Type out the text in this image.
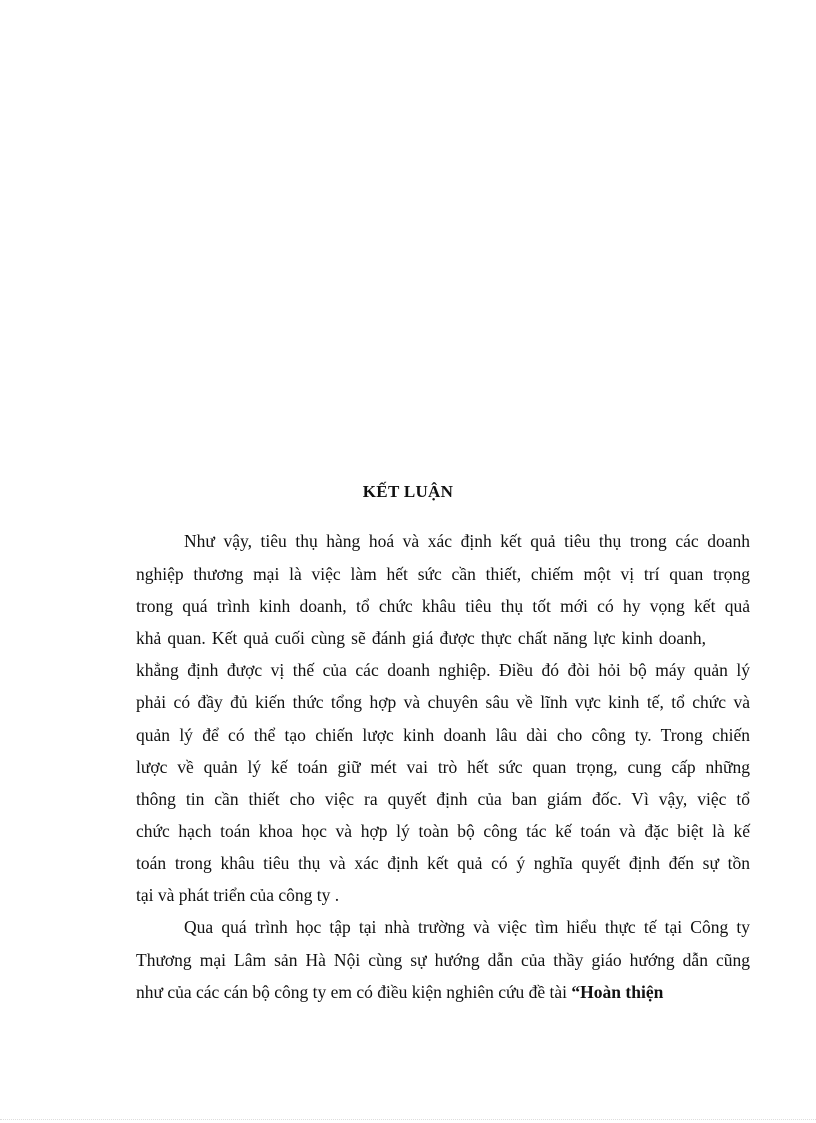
KẾT LUẬN
Như vậy, tiêu thụ hàng hoá và xác định kết quả tiêu thụ trong các doanh
nghiệp thương mại là việc làm hết sức cần thiết, chiếm một vị trí quan trọng
trong quá trình kinh doanh, tổ chức khâu tiêu thụ tốt mới có hy vọng kết quả
khả quan. Kết quả cuối cùng sẽ đánh giá được thực chất năng lực kinh doanh,
khẳng định được vị thế của các doanh nghiệp. Điều đó đòi hỏi bộ máy quản lý
phải có đầy đủ kiến thức tổng hợp và chuyên sâu về lĩnh vực kinh tế, tổ chức và
quản lý để có thể tạo chiến lược kinh doanh lâu dài cho công ty. Trong chiến
lược về quản lý kế toán giữ mét vai trò hết sức quan trọng, cung cấp những
thông tin cần thiết cho việc ra quyết định của ban giám đốc. Vì vậy, việc tổ
chức hạch toán khoa học và hợp lý toàn bộ công tác kế toán và đặc biệt là kế
toán trong khâu tiêu thụ và xác định kết quả có ý nghĩa quyết định đến sự tồn
tại và phát triển của công ty .
Qua quá trình học tập tại nhà trường và việc tìm hiểu thực tế tại Công ty
Thương mại Lâm sản Hà Nội cùng sự hướng dẫn của thầy giáo hướng dẫn cũng
như của các cán bộ công ty em có điều kiện nghiên cứu đề tài “Hoàn thiện
